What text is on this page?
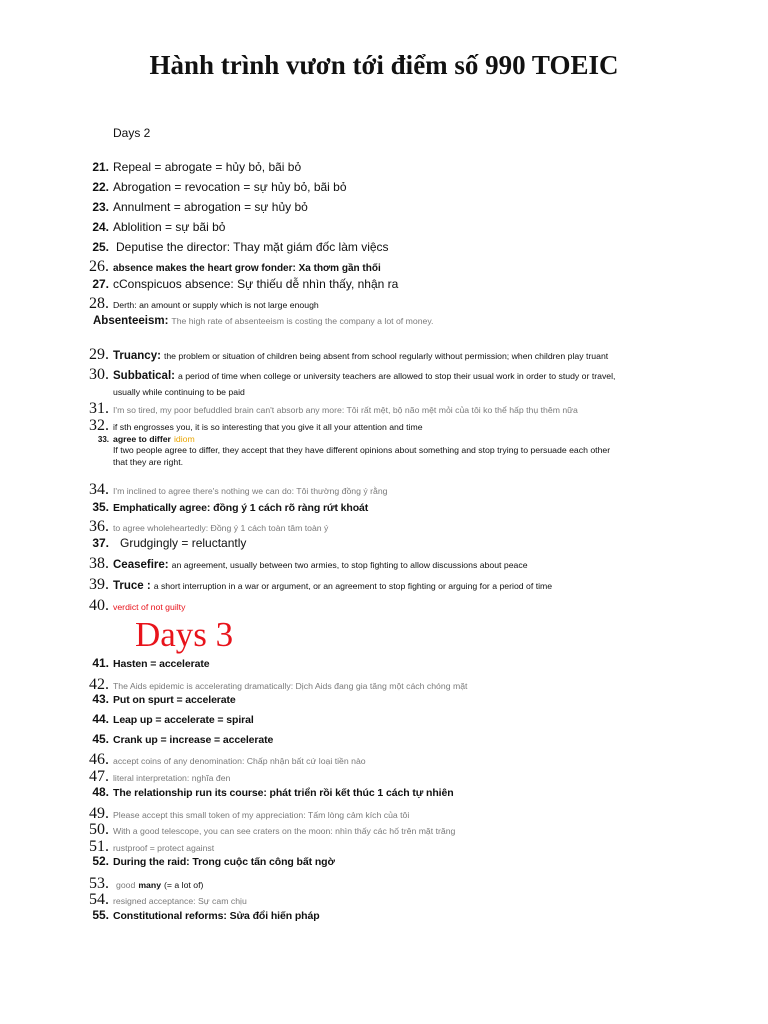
Hành trình vươn tới điểm số 990 TOEIC
Days 2
21. Repeal = abrogate = hủy bỏ, bãi bỏ
22. Abrogation = revocation = sự hủy bỏ, bãi bỏ
23. Annulment = abrogation = sự hủy bỏ
24. Ablolition = sự bãi bỏ
25. Deputise the director: Thay mặt giám đốc làm việcs
26. absence makes the heart grow fonder: Xa thơm gần thối
27. cConspicuos absence: Sự thiếu dễ nhìn thấy, nhận ra
28. Derth: an amount or supply which is not large enough
Absenteeism: The high rate of absenteeism is costing the company a lot of money.
29. Truancy: the problem or situation of children being absent from school regularly without permission; when children play truant
30. Subbatical: a period of time when college or university teachers are allowed to stop their usual work in order to study or travel,
usually while continuing to be paid
31. I'm so tired, my poor befuddled brain can't absorb any more: Tôi rất mệt, bộ não mệt mỏi của tôi ko thể hấp thụ thêm nữa
32. if sth engrosses you, it is so interesting that you give it all your attention and time
33. agree to differ idiom
If two people agree to differ, they accept that they have different opinions about something and stop trying to persuade each other
that they are right.
34. I'm inclined to agree there's nothing we can do: Tôi thường đồng ý rằng
35. Emphatically agree: đồng ý 1 cách rõ ràng rứt khoát
36. to agree wholeheartedly: Đồng ý 1 cách toàn tâm toàn ý
37. Grudgingly = reluctantly
38. Ceasefire: an agreement, usually between two armies, to stop fighting to allow discussions about peace
39. Truce : a short interruption in a war or argument, or an agreement to stop fighting or arguing for a period of time
40. verdict of not guilty
Days 3
41. Hasten = accelerate
42. The Aids epidemic is accelerating dramatically: Dịch Aids đang gia tăng một cách chóng mặt
43. Put on spurt = accelerate
44. Leap up = accelerate = spiral
45. Crank up = increase = accelerate
46. accept coins of any denomination: Chấp nhận bất cứ loại tiền nào
47. literal interpretation: nghĩa đen
48. The relationship run its course: phát triển rồi kết thúc 1 cách tự nhiên
49. Please accept this small token of my appreciation: Tấm lòng cảm kích của tôi
50. With a good telescope, you can see craters on the moon: nhìn thấy các hố trên mặt trăng
51. rustproof = protect against
52. During the raid: Trong cuộc tấn công bất ngờ
53. good many (= a lot of)
54. resigned acceptance: Sự cam chịu
55. Constitutional reforms: Sửa đổi hiến pháp
